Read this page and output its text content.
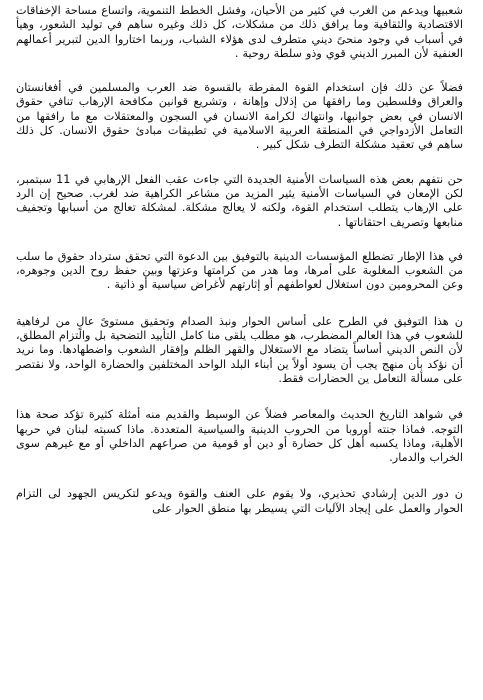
شعبيها ويدعم من الغرب في كثير من الأحيان، وفشل الخطط التنموية، واتساع مساحة الإخفاقات الاقتصادية والثقافية وما يرافق ذلك من مشكلات، كل ذلك وغيره ساهم في توليد الشعور، وهيأ في أسباب في وجود منحىً ديني متطرف لدى هؤلاء الشباب، وربما اختاروا الدين لتبرير أعمالهم العنفية لأن المبرر الديني قوي وذو سلطة روحية .

فضلاً عن ذلك فإن استخدام القوة المفرطة بالقسوة ضد العرب والمسلمين في أفغانستان والعراق وفلسطين وما رافقها من إذلال وإهانة ، وتشريع قوانين مكافحة الإرهاب تنافي حقوق الانسان في بعض جوانبها، وانتهاك لكرامة الانسان في السجون والمعتقلات مع ما رافقها من التعامل الأزدواجي في المنطقة العربية الاسلامية في تطبيقات مبادئ حقوق الانسان. كل ذلك ساهم في تعقيد مشكلة التطرف شكل كبير .

حن نتفهم بعض هذه السياسات الأمنية الجديدة التي جاءت عقب الفعل الإرهابي في 11 سبتمبر، لكن الإمعان في السياسات الأمنية يثير المزيد من مشاعر الكراهية ضد لغرب. صحيح إن الرد على الإرهاب يتطلب استخدام القوة، ولكنه لا يعالج مشكلة. لمشكلة تعالج من أسبابها وتجفيف منابعها وتصريف احتقاناتها .

في هذا الإطار تضطلع المؤسسات الدينية بالتوفيق بين الدعوة التي تحقق سترداد حقوق ما سلب من الشعوب المغلوبة على أمرها، وما هدر من كرامتها وعزتها وبين حفظ روح الدين وجوهره، وعن المحرومين دون استغلال لعواطفهم أو إثارتهم لأغراض سياسية أو ذاتية .

ن هذا التوفيق في الطرح على أساس الحوار ونبذ الصدام وتحقيق مستوىً عالٍ من لرفاهية للشعوب في هذا العالم المضطرب، هو مطلب يلقى منا كامل التأييد التضحية بل والتزام المطلق، لأن النص الديني أساساً يتضاد مع الاستغلال والقهر الظلم وإفقار الشعوب واضطهادها. وما نريد أن نؤكد بأن منهج يجب أن يسود أولاً ين أبناء البلد الواحد المختلفين والحضارة الواحد، ولا نقتصر على مسألة التعامل ين الحضارات فقط.

في شواهد التاريخ الحديث والمعاصر فضلاً عن الوسيط والقديم منه أمثلة كثيرة تؤكد صحة هذا التوجه. فماذا جنته أوروبا من الحروب الدينية والسياسية المتعددة. ماذا كسبته لبنان في حربها الأهلية، وماذا يكسبه أهل كل حضارة أو دين أو قومية من صراعهم الداخلي أو مع غيرهم سوى الخراب والدمار.

ن دور الدين إرشادي تحذيري، ولا يقوم على العنف والقوة ويدعو لتكريس الجهود لى التزام الحوار والعمل على إيجاد الآليات التي يسيطر بها منطق الحوار على
